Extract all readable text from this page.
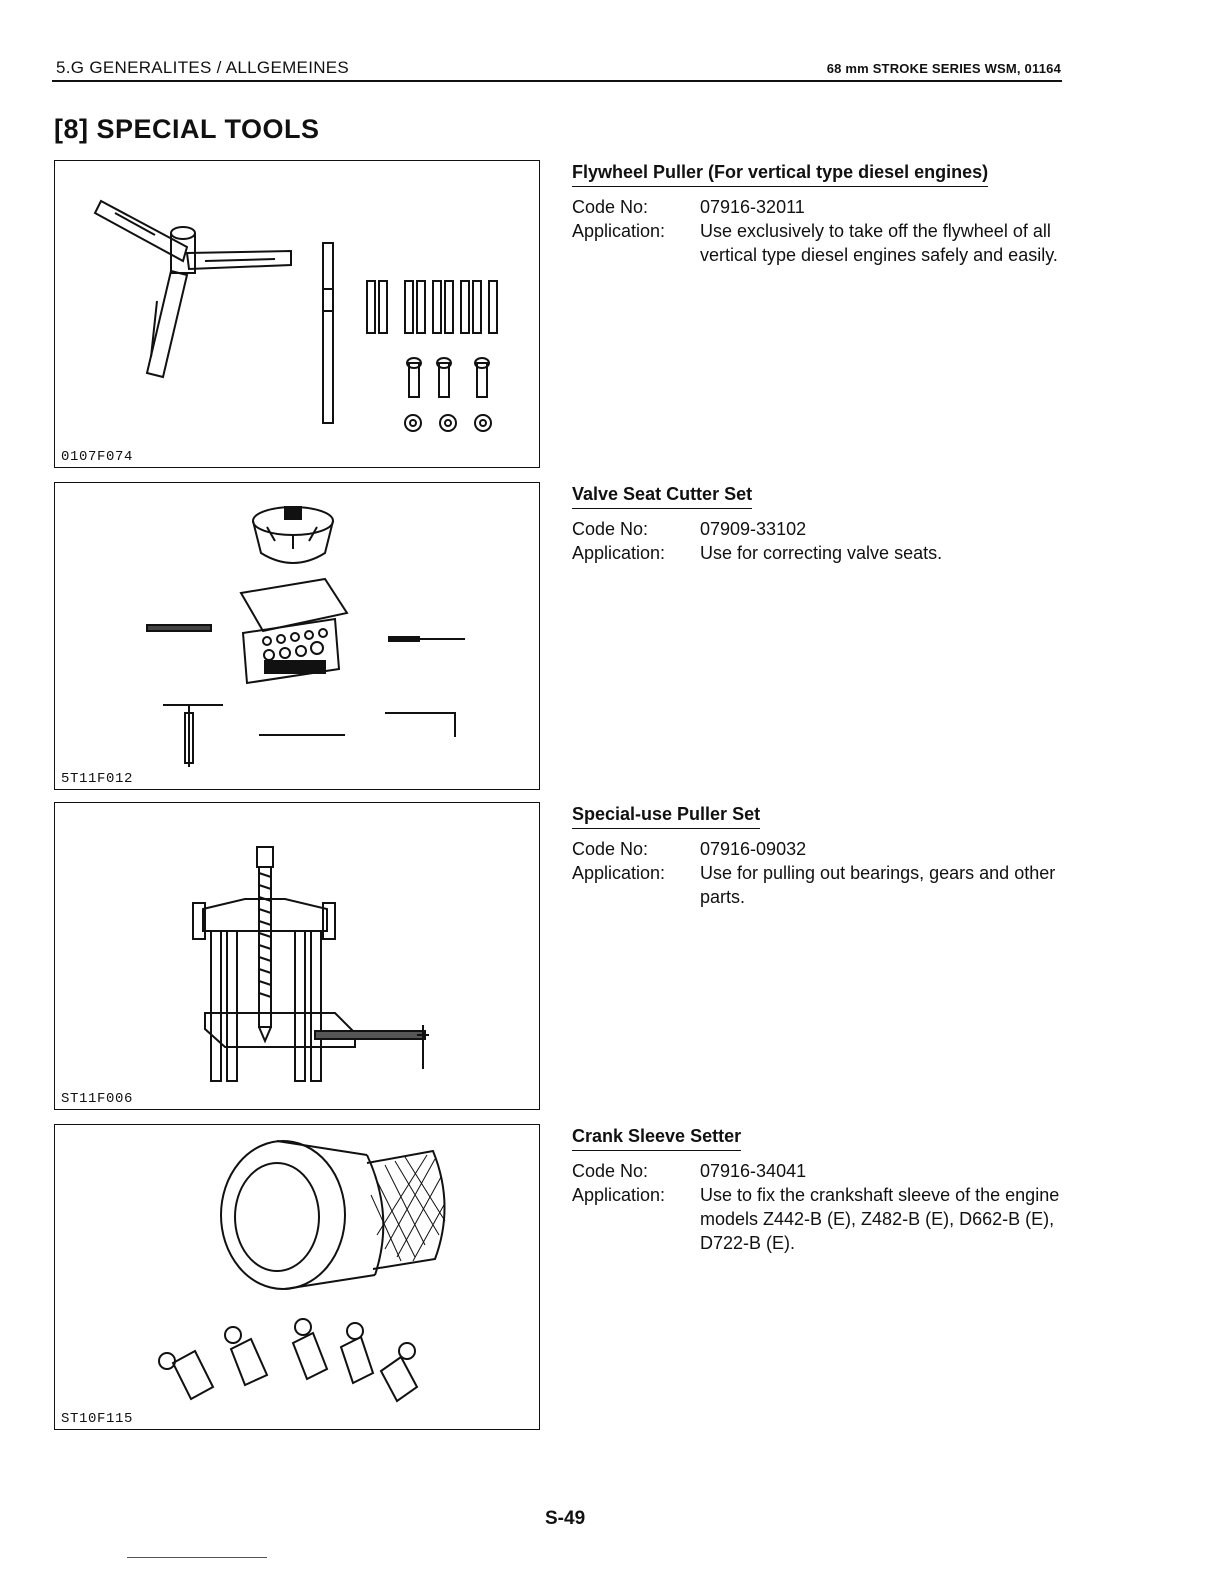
5.G GENERALITES / ALLGEMEINES	68 mm STROKE SERIES WSM, 01164
[8] SPECIAL TOOLS
0107F074
5T11F012
ST11F006
ST10F115
Flywheel Puller (For vertical type diesel engines)
Code No:	07916-32011
Application:	Use exclusively to take off the flywheel of all vertical type diesel engines safely and easily.
Valve Seat Cutter Set
Code No:	07909-33102
Application:	Use for correcting valve seats.
Special-use Puller Set
Code No:	07916-09032
Application:	Use for pulling out bearings, gears and other parts.
Crank Sleeve Setter
Code No:	07916-34041
Application:	Use to fix the crankshaft sleeve of the engine models Z442-B (E), Z482-B (E), D662-B (E), D722-B (E).
S-49
